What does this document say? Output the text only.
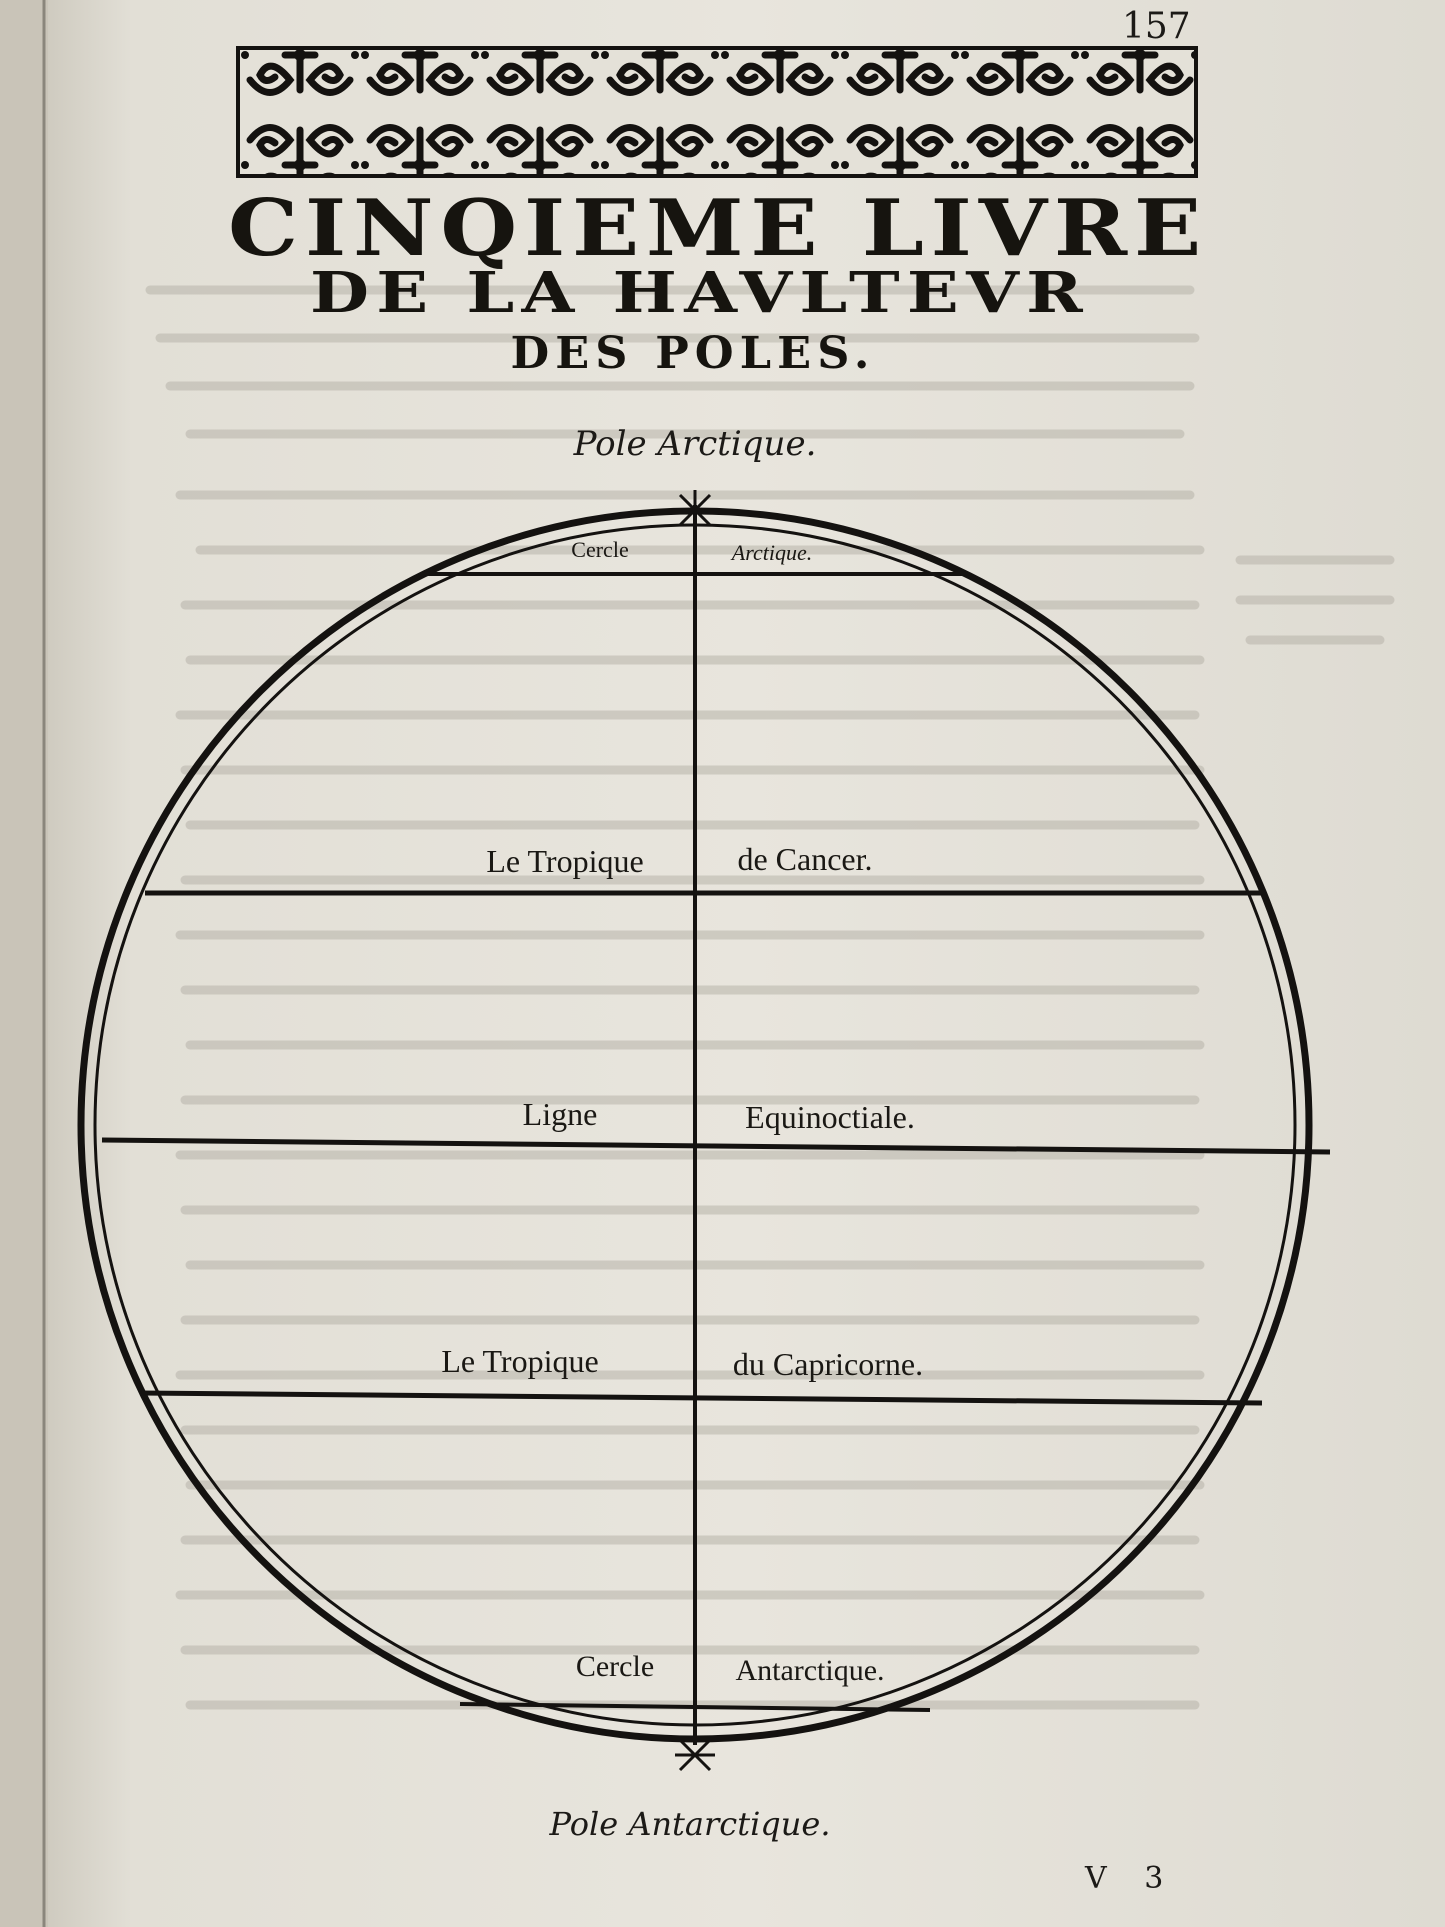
157
CINQIEME LIVRE
DE LA HAVLTEVR
DES POLES.
Pole Arctique.
Cercle	Arctique.
Le Tropique	de Cancer.
Ligne	Equinoctiale.
Le Tropique	du Capricorne.
Cercle	Antarctique.
Pole Antarctique.
V 3
